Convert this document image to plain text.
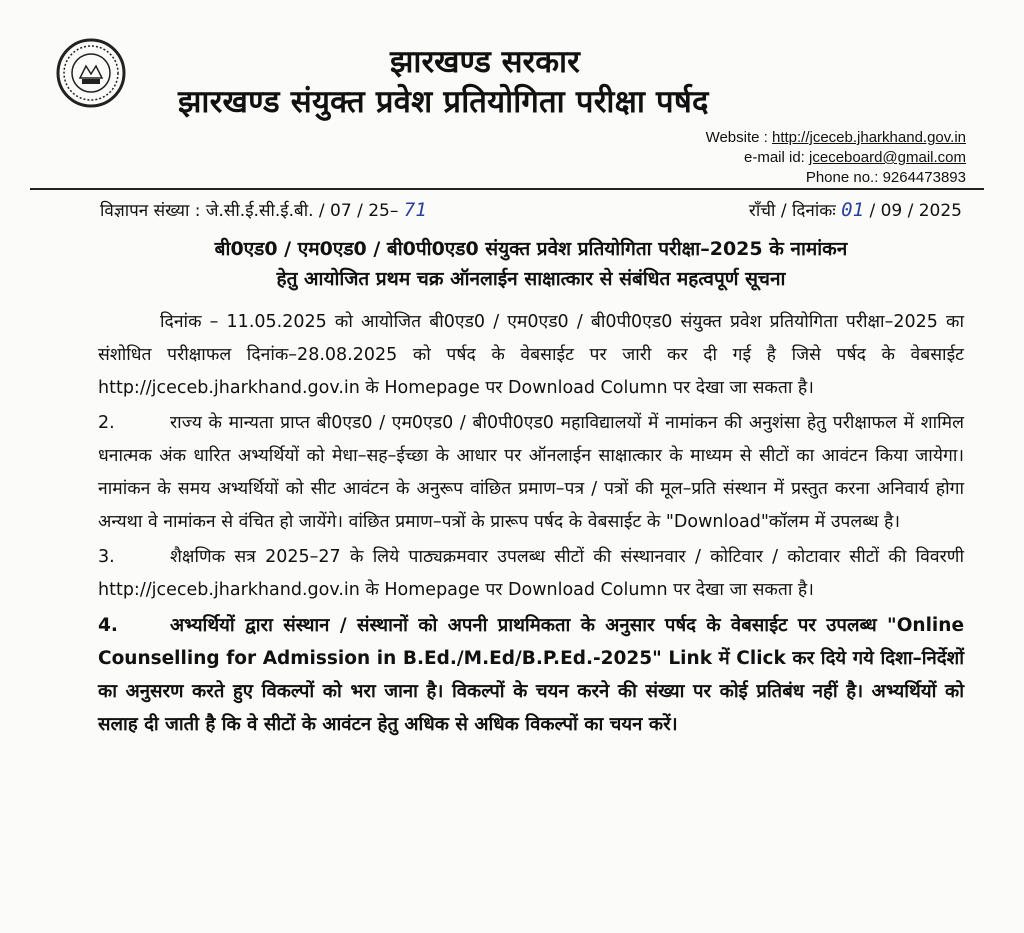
झारखण्ड सरकार
झारखण्ड संयुक्त प्रवेश प्रतियोगिता परीक्षा पर्षद
Website : http://jceceb.jharkhand.gov.in
e-mail id: jceceboard@gmail.com
Phone no.: 9264473893
विज्ञापन संख्या : जे.सी.ई.सी.ई.बी. / 07 / 25– 71	राँची / दिनांकः 01 / 09 / 2025
बी0एड0 / एम0एड0 / बी0पी0एड0 संयुक्त प्रवेश प्रतियोगिता परीक्षा–2025 के नामांकन
हेतु आयोजित प्रथम चक्र ऑनलाईन साक्षात्कार से संबंधित महत्वपूर्ण सूचना

दिनांक – 11.05.2025 को आयोजित बी0एड0 / एम0एड0 / बी0पी0एड0 संयुक्त प्रवेश प्रतियोगिता परीक्षा–2025 का संशोधित परीक्षाफल दिनांक–28.08.2025 को पर्षद के वेबसाईट पर जारी कर दी गई है जिसे पर्षद के वेबसाईट http://jceceb.jharkhand.gov.in के Homepage पर Download Column पर देखा जा सकता है।

2.	राज्य के मान्यता प्राप्त बी0एड0 / एम0एड0 / बी0पी0एड0 महाविद्यालयों में नामांकन की अनुशंसा हेतु परीक्षाफल में शामिल धनात्मक अंक धारित अभ्यर्थियों को मेधा–सह–ईच्छा के आधार पर ऑनलाईन साक्षात्कार के माध्यम से सीटों का आवंटन किया जायेगा। नामांकन के समय अभ्यर्थियों को सीट आवंटन के अनुरूप वांछित प्रमाण–पत्र / पत्रों की मूल–प्रति संस्थान में प्रस्तुत करना अनिवार्य होगा अन्यथा वे नामांकन से वंचित हो जायेंगे। वांछित प्रमाण–पत्रों के प्रारूप पर्षद के वेबसाईट के "Download"कॉलम में उपलब्ध है।

3.	शैक्षणिक सत्र 2025–27 के लिये पाठ्यक्रमवार उपलब्ध सीटों की संस्थानवार / कोटिवार / कोटावार सीटों की विवरणी http://jceceb.jharkhand.gov.in के Homepage पर Download Column पर देखा जा सकता है।

4.	अभ्यर्थियों द्वारा संस्थान / संस्थानों को अपनी प्राथमिकता के अनुसार पर्षद के वेबसाईट पर उपलब्ध "Online Counselling for Admission in B.Ed./M.Ed/B.P.Ed.-2025" Link में Click कर दिये गये दिशा–निर्देशों का अनुसरण करते हुए विकल्पों को भरा जाना है। विकल्पों के चयन करने की संख्या पर कोई प्रतिबंध नहीं है। अभ्यर्थियों को सलाह दी जाती है कि वे सीटों के आवंटन हेतु अधिक से अधिक विकल्पों का चयन करें।
